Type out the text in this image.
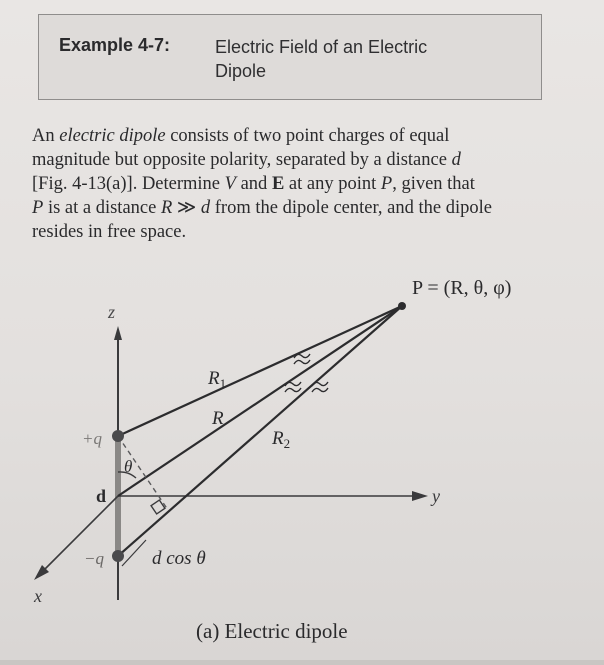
Example 4-7: Electric Field of an Electric
Dipole
An electric dipole consists of two point charges of equal
magnitude but opposite polarity, separated by a distance d
[Fig. 4-13(a)]. Determine V and E at any point P, given that
P is at a distance R ≫ d from the dipole center, and the dipole
resides in free space.
P = (R, θ, φ)
z
y
x
$R_1$
R
$R_2$
+q
−q
d
θ
d cos θ
(a) Electric dipole
